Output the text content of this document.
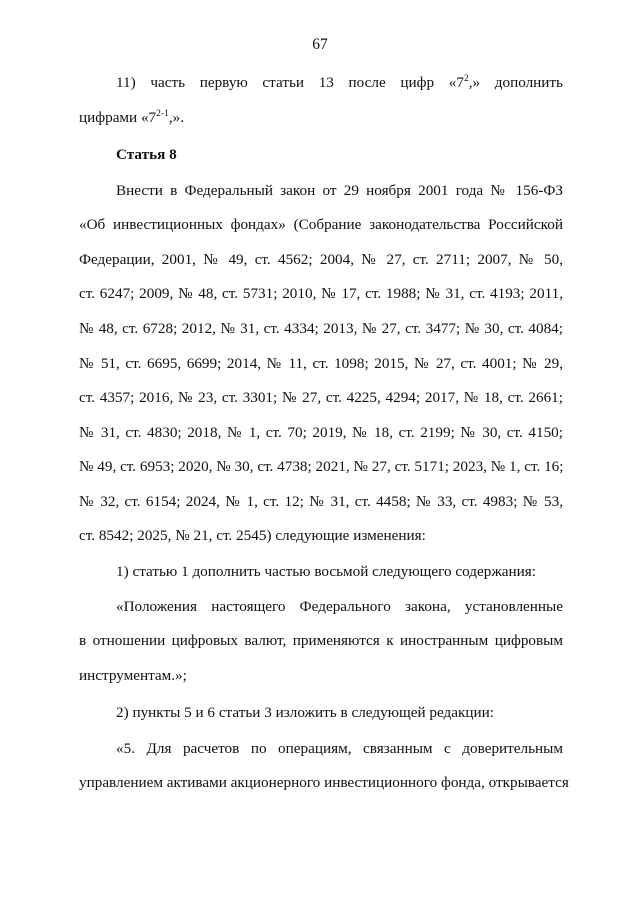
67
11) часть первую статьи 13 после цифр «$7^2$,» дополнить
цифрами «7$^{2-1}$,».
Статья 8
Внести в Федеральный закон от 29 ноября 2001 года № 156-ФЗ
«Об инвестиционных фондах» (Собрание законодательства Российской
Федерации, 2001, № 49, ст. 4562; 2004, № 27, ст. 2711; 2007, № 50,
ст. 6247; 2009, № 48, ст. 5731; 2010, № 17, ст. 1988; № 31, ст. 4193; 2011,
№ 48, ст. 6728; 2012, № 31, ст. 4334; 2013, № 27, ст. 3477; № 30, ст. 4084;
№ 51, ст. 6695, 6699; 2014, № 11, ст. 1098; 2015, № 27, ст. 4001; № 29,
ст. 4357; 2016, № 23, ст. 3301; № 27, ст. 4225, 4294; 2017, № 18, ст. 2661;
№ 31, ст. 4830; 2018, № 1, ст. 70; 2019, № 18, ст. 2199; № 30, ст. 4150;
№ 49, ст. 6953; 2020, № 30, ст. 4738; 2021, № 27, ст. 5171; 2023, № 1, ст. 16;
№ 32, ст. 6154; 2024, № 1, ст. 12; № 31, ст. 4458; № 33, ст. 4983; № 53,
ст. 8542; 2025, № 21, ст. 2545) следующие изменения:
1) статью 1 дополнить частью восьмой следующего содержания:
«Положения настоящего Федерального закона, установленные
в отношении цифровых валют, применяются к иностранным цифровым
инструментам.»;
2) пункты 5 и 6 статьи 3 изложить в следующей редакции:
«5. Для расчетов по операциям, связанным с доверительным
управлением активами акционерного инвестиционного фонда, открывается
